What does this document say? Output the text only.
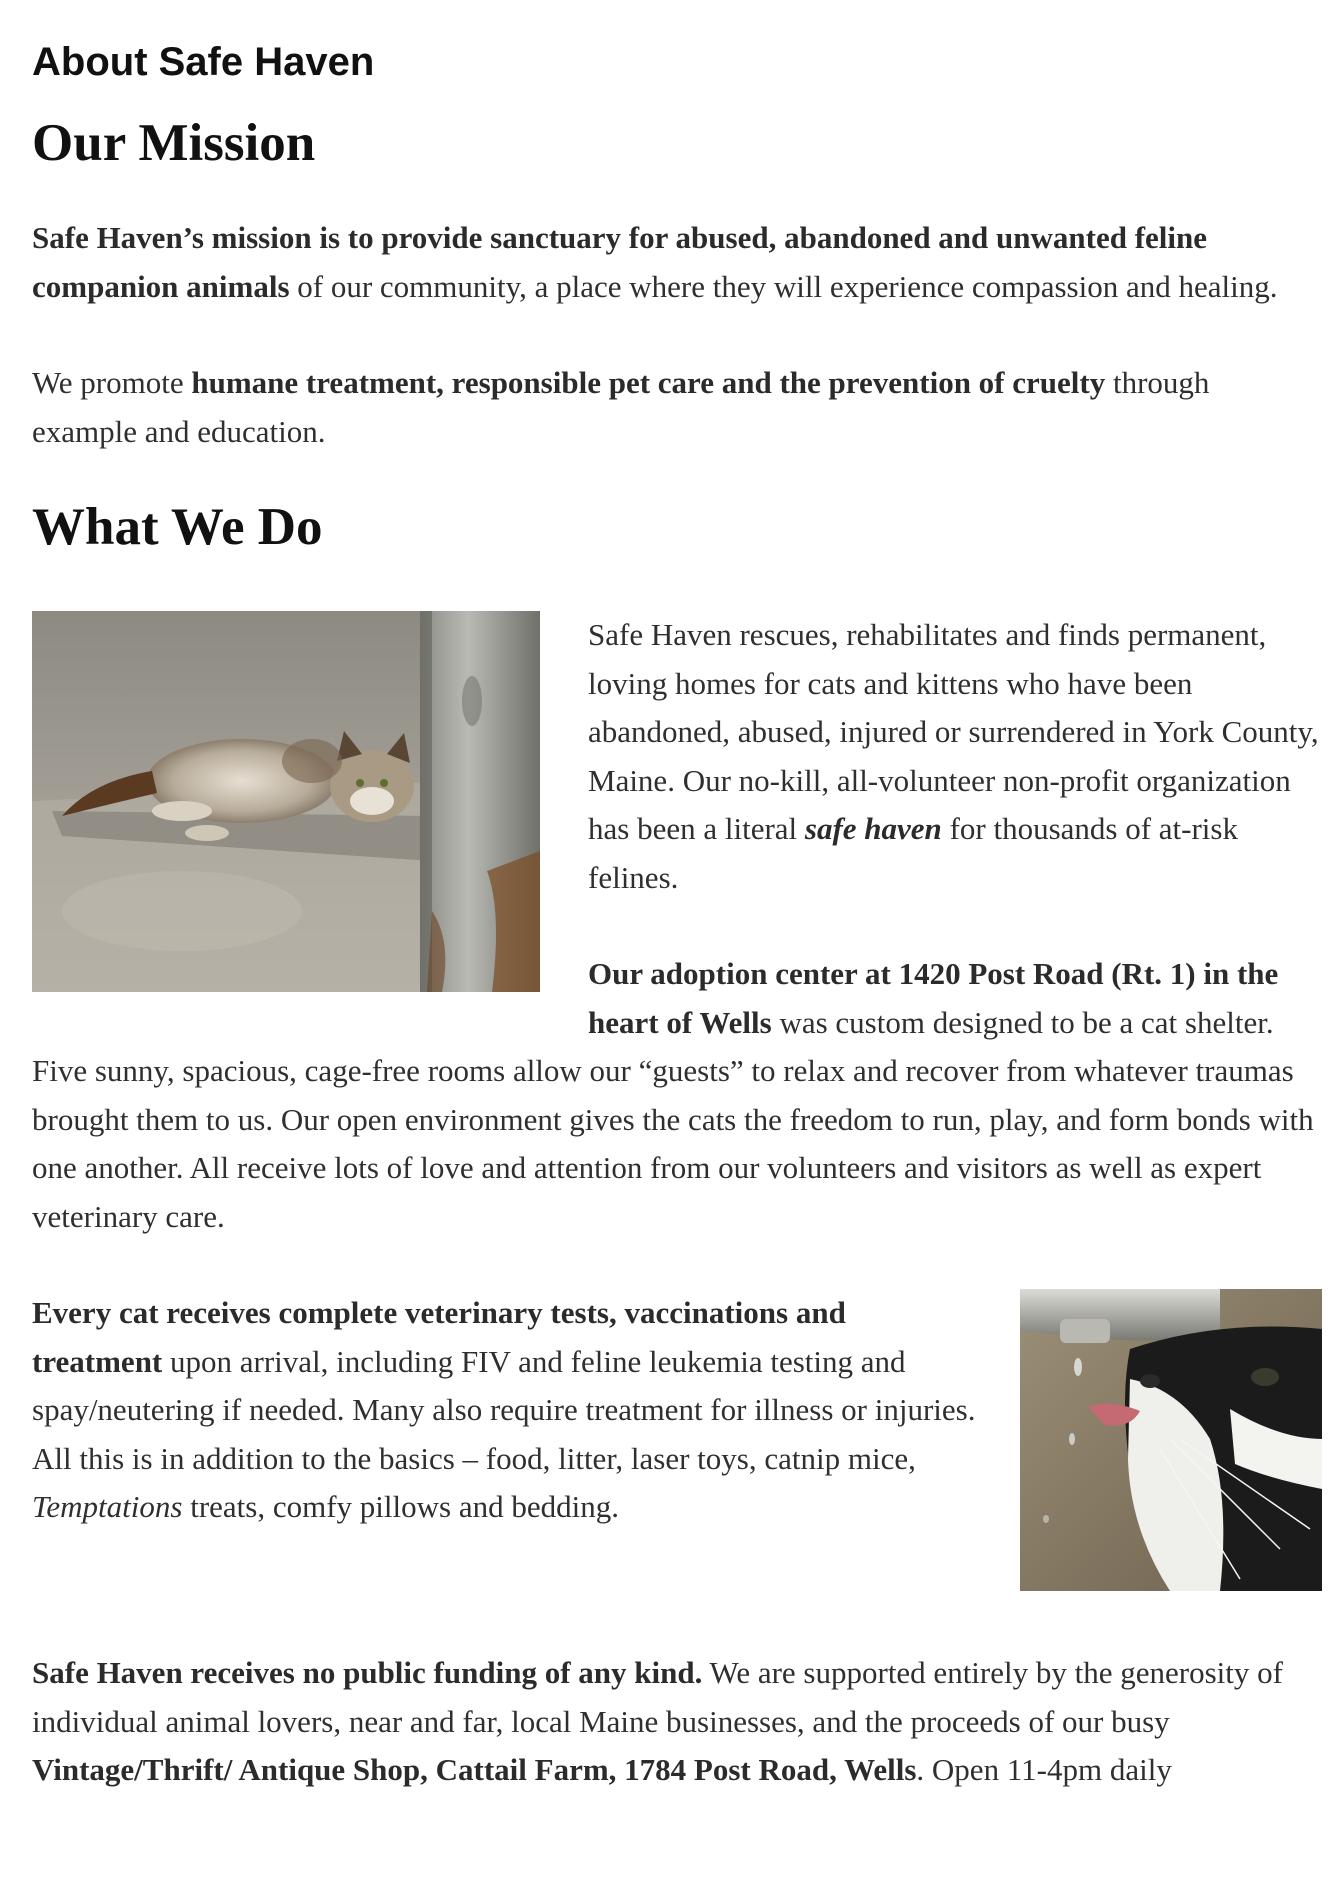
About Safe Haven
Our Mission

Safe Haven’s mission is to provide sanctuary for abused, abandoned and unwanted feline companion animals of our community, a place where they will experience compassion and healing.

We promote humane treatment, responsible pet care and the prevention of cruelty through example and education.

What We Do

Safe Haven rescues, rehabilitates and finds permanent, loving homes for cats and kittens who have been abandoned, abused, injured or surrendered in York County, Maine. Our no-kill, all-volunteer non-profit organization has been a literal safe haven for thousands of at-risk felines.

Our adoption center at 1420 Post Road (Rt. 1) in the heart of Wells was custom designed to be a cat shelter. Five sunny, spacious, cage-free rooms allow our “guests” to relax and recover from whatever traumas brought them to us. Our open environment gives the cats the freedom to run, play, and form bonds with one another. All receive lots of love and attention from our volunteers and visitors as well as expert veterinary care.

Every cat receives complete veterinary tests, vaccinations and treatment upon arrival, including FIV and feline leukemia testing and spay/neutering if needed. Many also require treatment for illness or injuries. All this is in addition to the basics – food, litter, laser toys, catnip mice, Temptations treats, comfy pillows and bedding.

Safe Haven receives no public funding of any kind. We are supported entirely by the generosity of individual animal lovers, near and far, local Maine businesses, and the proceeds of our busy Vintage/Thrift/ Antique Shop, Cattail Farm, 1784 Post Road, Wells. Open 11-4pm daily
